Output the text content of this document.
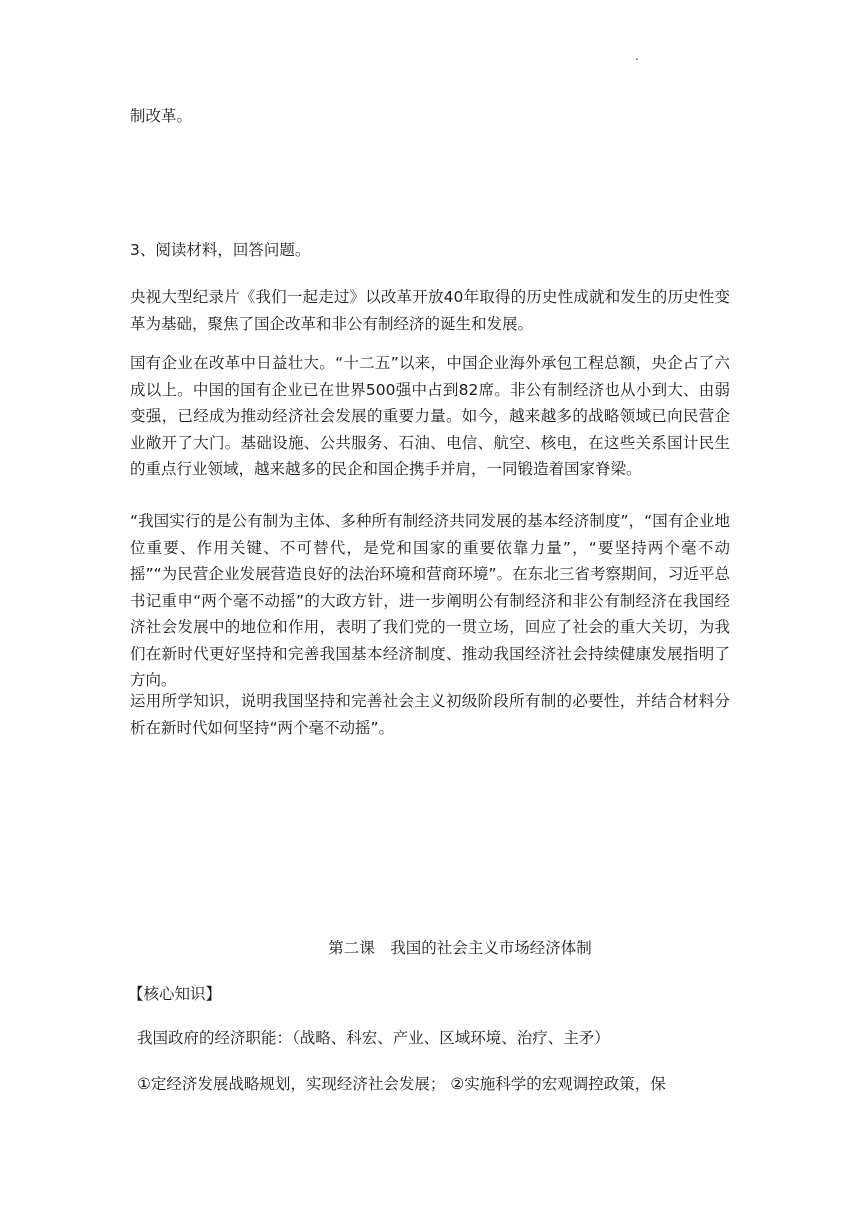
制改革。

3、阅读材料，回答问题。

央视大型纪录片《我们一起走过》以改革开放40年取得的历史性成就和发生的历史性变革为基础，聚焦了国企改革和非公有制经济的诞生和发展。

国有企业在改革中日益壮大。“十二五”以来，中国企业海外承包工程总额，央企占了六成以上。中国的国有企业已在世界500强中占到82席。非公有制经济也从小到大、由弱变强，已经成为推动经济社会发展的重要力量。如今，越来越多的战略领域已向民营企业敞开了大门。基础设施、公共服务、石油、电信、航空、核电，在这些关系国计民生的重点行业领域，越来越多的民企和国企携手并肩，一同锻造着国家脊梁。

“我国实行的是公有制为主体、多种所有制经济共同发展的基本经济制度”，“国有企业地位重要、作用关键、不可替代，是党和国家的重要依靠力量”，“要坚持两个毫不动摇”“为民营企业发展营造良好的法治环境和营商环境”。在东北三省考察期间，习近平总书记重申“两个毫不动摇”的大政方针，进一步阐明公有制经济和非公有制经济在我国经济社会发展中的地位和作用，表明了我们党的一贯立场，回应了社会的重大关切，为我们在新时代更好坚持和完善我国基本经济制度、推动我国经济社会持续健康发展指明了方向。

运用所学知识，说明我国坚持和完善社会主义初级阶段所有制的必要性，并结合材料分析在新时代如何坚持“两个毫不动摇”。

第二课　我国的社会主义市场经济体制

【核心知识】

我国政府的经济职能：（战略、科宏、产业、区域环境、治疗、主矛）

①定经济发展战略规划，实现经济社会发展； ②实施科学的宏观调控政策，保
